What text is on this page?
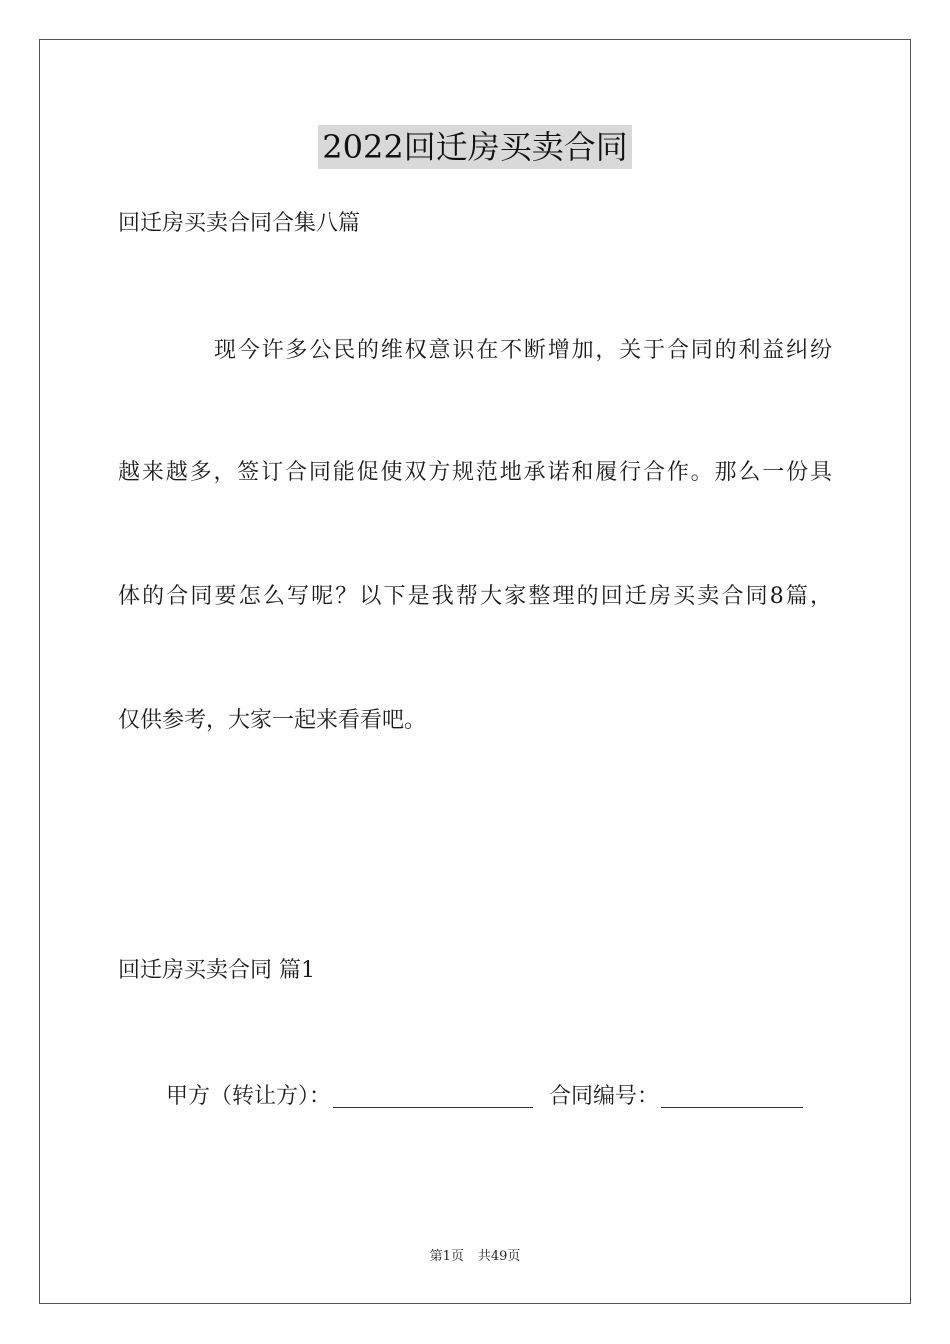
2022回迁房买卖合同
回迁房买卖合同合集八篇
现今许多公民的维权意识在不断增加，关于合同的利益纠纷
越来越多，签订合同能促使双方规范地承诺和履行合作。那么一份具
体的合同要怎么写呢？以下是我帮大家整理的回迁房买卖合同8篇，
仅供参考，大家一起来看看吧。
回迁房买卖合同 篇1
甲方（转让方）：	合同编号：
第1页 共49页
